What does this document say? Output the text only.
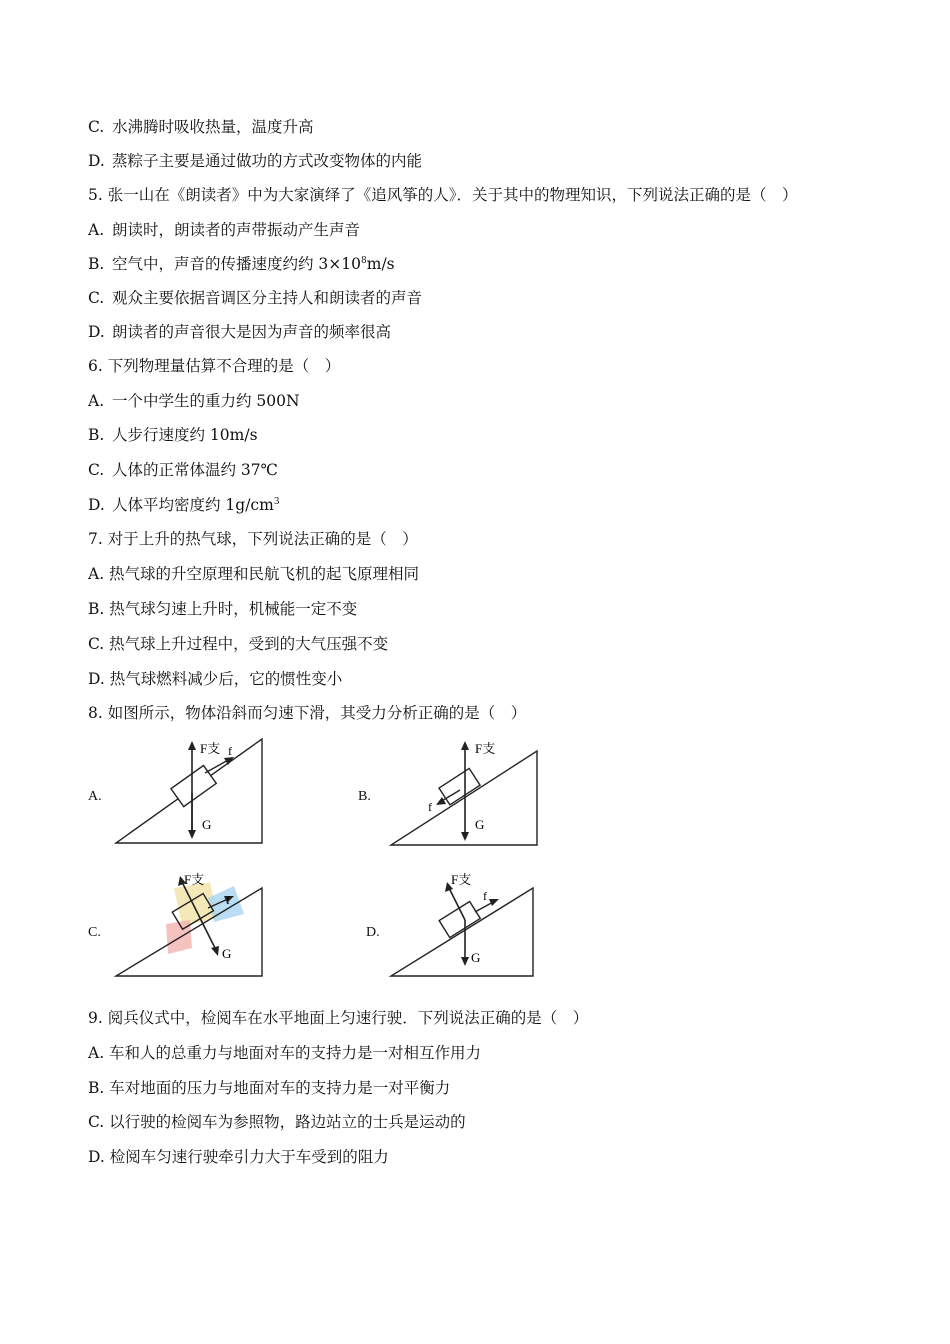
C. 水沸腾时吸收热量，温度升高
D. 蒸粽子主要是通过做功的方式改变物体的内能
5. 张一山在《朗读者》中为大家演绎了《追风筝的人》．关于其中的物理知识，下列说法正确的是（　）
A. 朗读时，朗读者的声带振动产生声音
B. 空气中，声音的传播速度约约 $3\times 10^8m/s$
C. 观众主要依据音调区分主持人和朗读者的声音
D. 朗读者的声音很大是因为声音的频率很高
6. 下列物理量估算不合理的是（　）
A. 一个中学生的重力约 500N
B. 人步行速度约 10m/s
C. 人体的正常体温约 37℃
D. 人体平均密度约 $1g/cm^3$
7. 对于上升的热气球，下列说法正确的是（　）
A. 热气球的升空原理和民航飞机的起飞原理相同
B. 热气球匀速上升时，机械能一定不变
C. 热气球上升过程中，受到的大气压强不变
D. 热气球燃料减少后，它的惯性变小
8. 如图所示，物体沿斜而匀速下滑，其受力分析正确的是（　）
A.
F支 f
G
B.
F支
f
G
C.
F支
f
G
D.
F支
f
G
9. 阅兵仪式中，检阅车在水平地面上匀速行驶．下列说法正确的是（　）
A. 车和人的总重力与地面对车的支持力是一对相互作用力
B. 车对地面的压力与地面对车的支持力是一对平衡力
C. 以行驶的检阅车为参照物，路边站立的士兵是运动的
D. 检阅车匀速行驶牵引力大于车受到的阻力
